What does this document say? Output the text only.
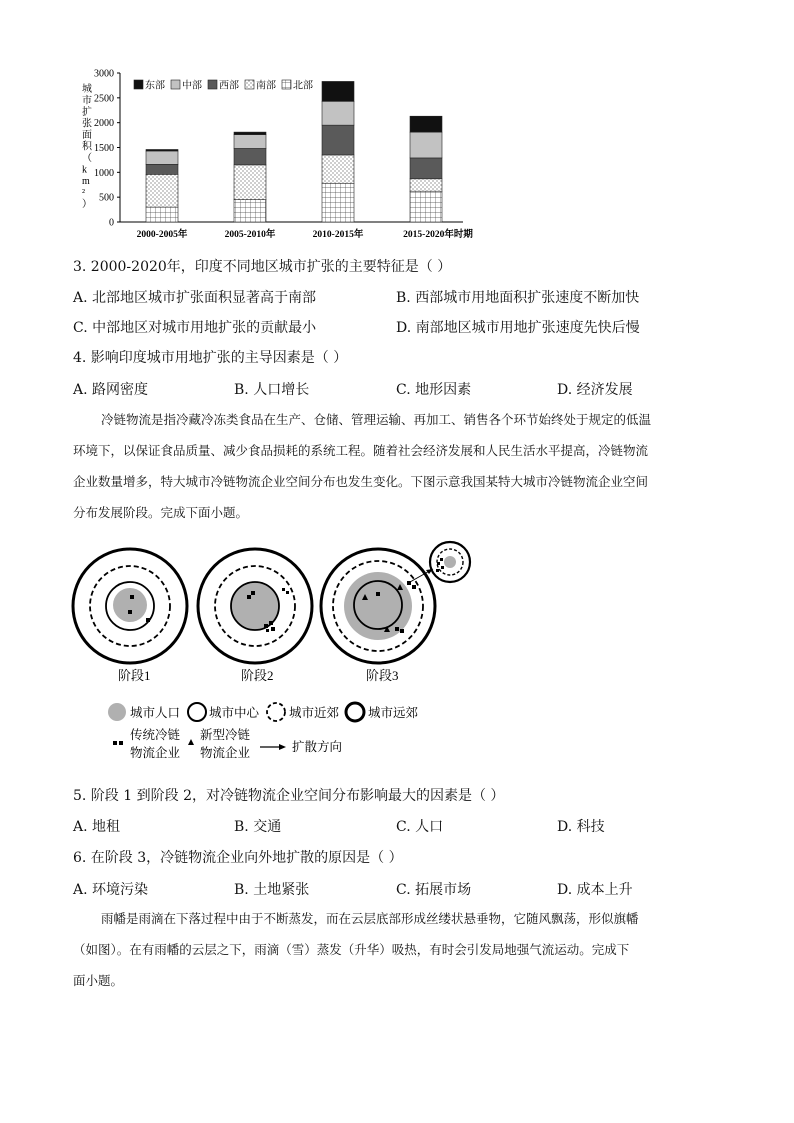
0
500
1000
1500
2000
2500
3000
2000-2005年	2005-2010年	2010-2015年	2015-2020年时期
城市扩张面积（ k m ² ）
东部 中部 西部 南部 北部
3. 2000-2020年，印度不同地区城市扩张的主要特征是（ ）
A. 北部地区城市扩张面积显著高于南部	B. 西部城市用地面积扩张速度不断加快
C. 中部地区对城市用地扩张的贡献最小	D. 南部地区城市用地扩张速度先快后慢
4. 影响印度城市用地扩张的主导因素是（ ）
A. 路网密度	B. 人口增长	C. 地形因素	D. 经济发展
冷链物流是指冷藏冷冻类食品在生产、仓储、管理运输、再加工、销售各个环节始终处于规定的低温
环境下，以保证食品质量、减少食品损耗的系统工程。随着社会经济发展和人民生活水平提高，冷链物流
企业数量增多，特大城市冷链物流企业空间分布也发生变化。下图示意我国某特大城市冷链物流企业空间
分布发展阶段。完成下面小题。
阶段1	阶段2	阶段3
城市人口 城市中心 城市近郊 城市远郊
传统冷链
物流企业
新型冷链
物流企业	扩散方向
5. 阶段 1 到阶段 2，对冷链物流企业空间分布影响最大的因素是（ ）
A. 地租	B. 交通	C. 人口	D. 科技
6. 在阶段 3，冷链物流企业向外地扩散的原因是（ ）
A. 环境污染	B. 土地紧张	C. 拓展市场	D. 成本上升
雨幡是雨滴在下落过程中由于不断蒸发，而在云层底部形成丝缕状悬垂物，它随风飘荡，形似旗幡
（如图）。在有雨幡的云层之下，雨滴（雪）蒸发（升华）吸热，有时会引发局地强气流运动。完成下
面小题。
